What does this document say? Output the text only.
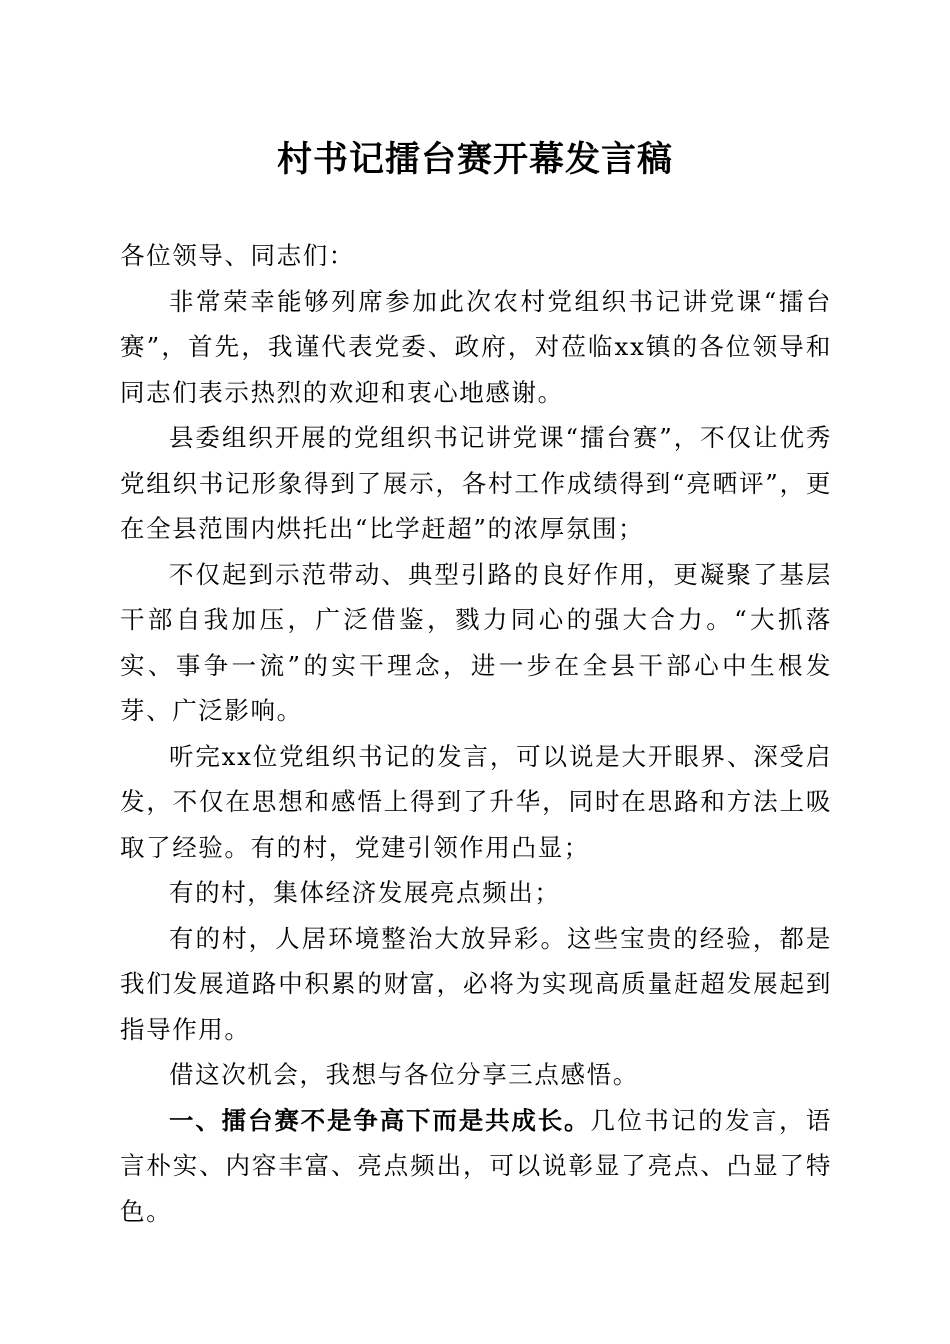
村书记擂台赛开幕发言稿

各位领导、同志们：

非常荣幸能够列席参加此次农村党组织书记讲党课“擂台赛”，首先，我谨代表党委、政府，对莅临xx镇的各位领导和同志们表示热烈的欢迎和衷心地感谢。

县委组织开展的党组织书记讲党课“擂台赛”，不仅让优秀党组织书记形象得到了展示，各村工作成绩得到“亮晒评”，更在全县范围内烘托出“比学赶超”的浓厚氛围；

不仅起到示范带动、典型引路的良好作用，更凝聚了基层干部自我加压，广泛借鉴，戮力同心的强大合力。“大抓落实、事争一流”的实干理念，进一步在全县干部心中生根发芽、广泛影响。

听完xx位党组织书记的发言，可以说是大开眼界、深受启发，不仅在思想和感悟上得到了升华，同时在思路和方法上吸取了经验。有的村，党建引领作用凸显；

有的村，集体经济发展亮点频出；

有的村，人居环境整治大放异彩。这些宝贵的经验，都是我们发展道路中积累的财富，必将为实现高质量赶超发展起到指导作用。

借这次机会，我想与各位分享三点感悟。

一、擂台赛不是争高下而是共成长。几位书记的发言，语言朴实、内容丰富、亮点频出，可以说彰显了亮点、凸显了特色。
